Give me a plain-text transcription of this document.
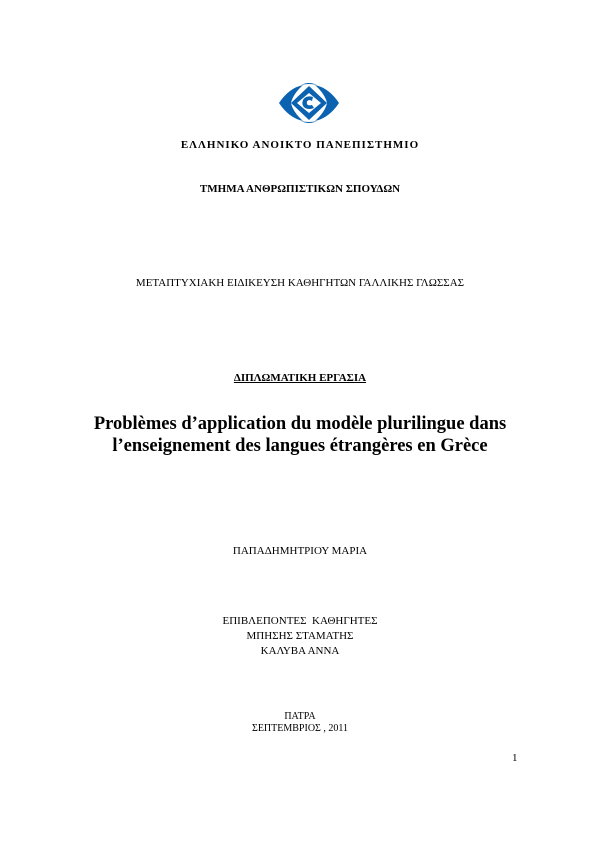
ΕΛΛΗΝΙΚΟ ΑΝΟΙΚΤΟ ΠΑΝΕΠΙΣΤΗΜΙΟ
ΤΜΗΜΑ ΑΝΘΡΩΠΙΣΤΙΚΩΝ ΣΠΟΥΔΩΝ
ΜΕΤΑΠΤΥΧΙΑΚΗ ΕΙΔΙΚΕΥΣΗ ΚΑΘΗΓΗΤΩΝ ΓΑΛΛΙΚΗΣ ΓΛΩΣΣΑΣ
ΔΙΠΛΩΜΑΤΙΚΗ ΕΡΓΑΣΙΑ
Problèmes d’application du modèle plurilingue dans
l’enseignement des langues étrangères en Grèce
ΠΑΠΑΔΗΜΗΤΡΙΟΥ ΜΑΡΙΑ
ΕΠΙΒΛΕΠΟΝΤΕΣ  ΚΑΘΗΓΗΤΕΣ
ΜΠΗΣΗΣ ΣΤΑΜΑΤΗΣ
ΚΑΛΥΒΑ ΑΝΝΑ
ΠΑΤΡΑ
ΣΕΠΤΕΜΒΡΙΟΣ , 2011
1
